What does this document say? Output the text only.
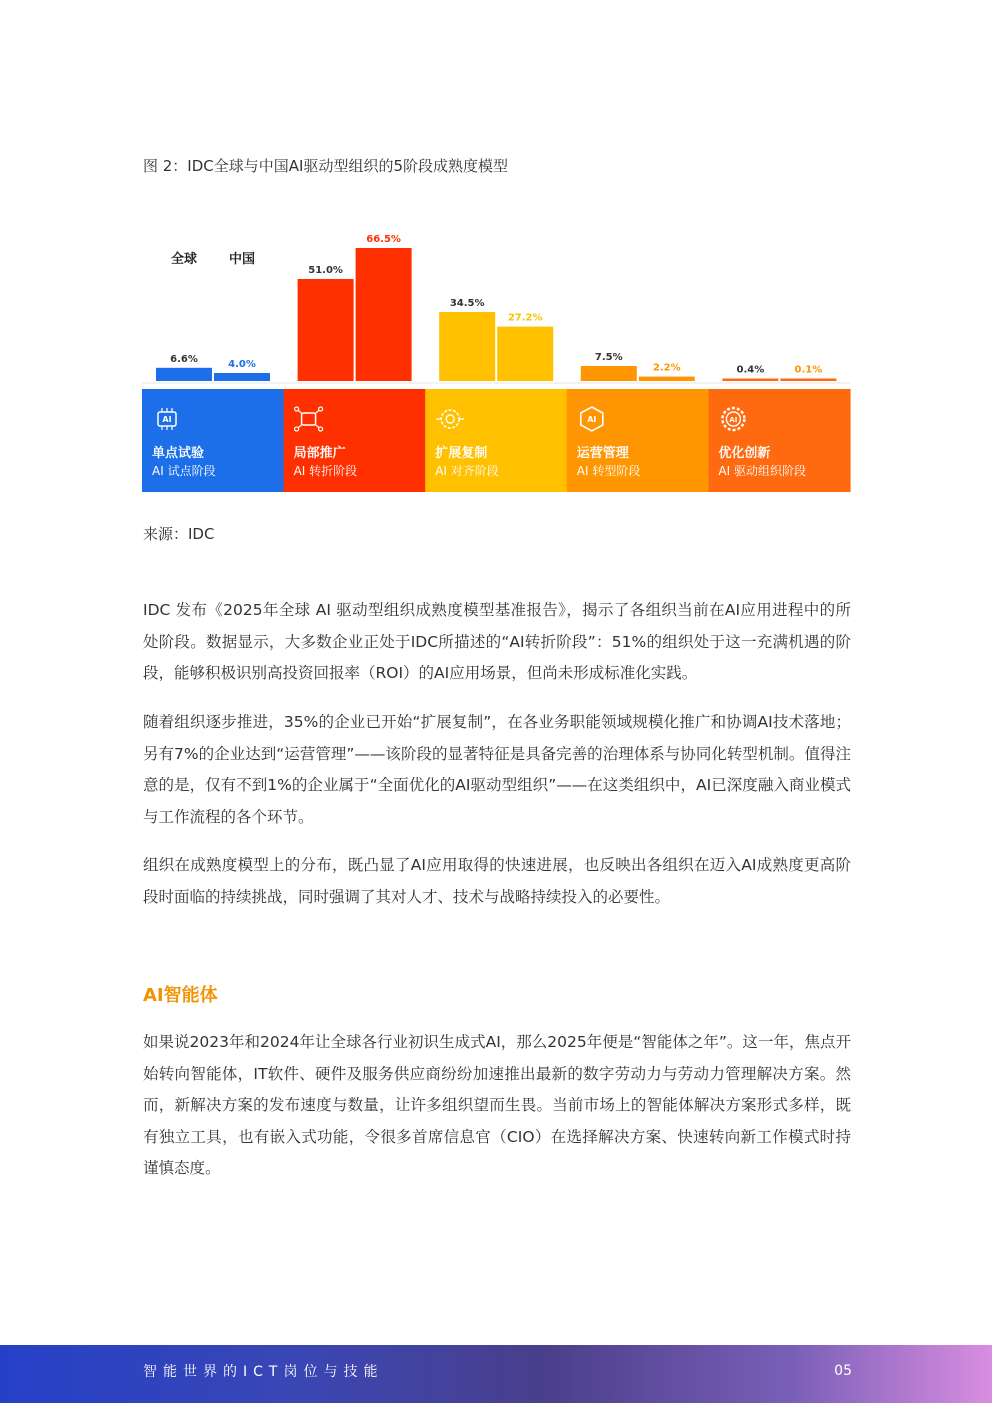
图 2：IDC全球与中国AI驱动型组织的5阶段成熟度模型
全球 中国
6.6%	4.0%
AI
单点试验
AI 试点阶段
51.0%
66.5%
局部推广
AI 转折阶段
34.5%
27.2%
扩展复制
AI 对齐阶段
7.5%
2.2%
AI
运营管理
AI 转型阶段
0.4%	0.1%
AI
优化创新
AI 驱动组织阶段
来源：IDC

IDC 发布《2025年全球 AI 驱动型组织成熟度模型基准报告》，揭示了各组织当前在AI应用进程中的所处阶段。数据显示，大多数企业正处于IDC所描述的“AI转折阶段”：51%的组织处于这一充满机遇的阶段，能够积极识别高投资回报率（ROI）的AI应用场景，但尚未形成标准化实践。

随着组织逐步推进，35%的企业已开始“扩展复制”，在各业务职能领域规模化推广和协调AI技术落地；另有7%的企业达到“运营管理”——该阶段的显著特征是具备完善的治理体系与协同化转型机制。值得注意的是，仅有不到1%的企业属于“全面优化的AI驱动型组织”——在这类组织中，AI已深度融入商业模式与工作流程的各个环节。

组织在成熟度模型上的分布，既凸显了AI应用取得的快速进展，也反映出各组织在迈入AI成熟度更高阶段时面临的持续挑战，同时强调了其对人才、技术与战略持续投入的必要性。

AI智能体

如果说2023年和2024年让全球各行业初识生成式AI，那么2025年便是“智能体之年”。这一年，焦点开始转向智能体，IT软件、硬件及服务供应商纷纷加速推出最新的数字劳动力与劳动力管理解决方案。然而，新解决方案的发布速度与数量，让许多组织望而生畏。当前市场上的智能体解决方案形式多样，既有独立工具，也有嵌入式功能，令很多首席信息官（CIO）在选择解决方案、快速转向新工作模式时持谨慎态度。

智能世界的ICT岗位与技能	05
